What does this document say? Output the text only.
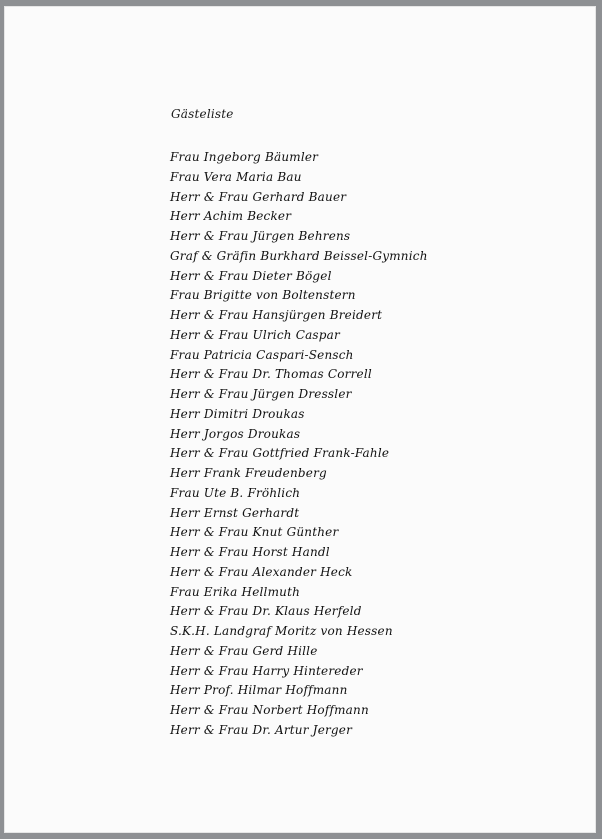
Gästeliste
Frau Ingeborg Bäumler
Frau Vera Maria Bau
Herr & Frau Gerhard Bauer
Herr Achim Becker
Herr & Frau Jürgen Behrens
Graf & Gräfin Burkhard Beissel-Gymnich
Herr & Frau Dieter Bögel
Frau Brigitte von Boltenstern
Herr & Frau Hansjürgen Breidert
Herr & Frau Ulrich Caspar
Frau Patricia Caspari-Sensch
Herr & Frau Dr. Thomas Correll
Herr & Frau Jürgen Dressler
Herr Dimitri Droukas
Herr Jorgos Droukas
Herr & Frau Gottfried Frank-Fahle
Herr Frank Freudenberg
Frau Ute B. Fröhlich
Herr Ernst Gerhardt
Herr & Frau Knut Günther
Herr & Frau Horst Handl
Herr & Frau Alexander Heck
Frau Erika Hellmuth
Herr & Frau Dr. Klaus Herfeld
S.K.H. Landgraf Moritz von Hessen
Herr & Frau Gerd Hille
Herr & Frau Harry Hintereder
Herr Prof. Hilmar Hoffmann
Herr & Frau Norbert Hoffmann
Herr & Frau Dr. Artur Jerger
